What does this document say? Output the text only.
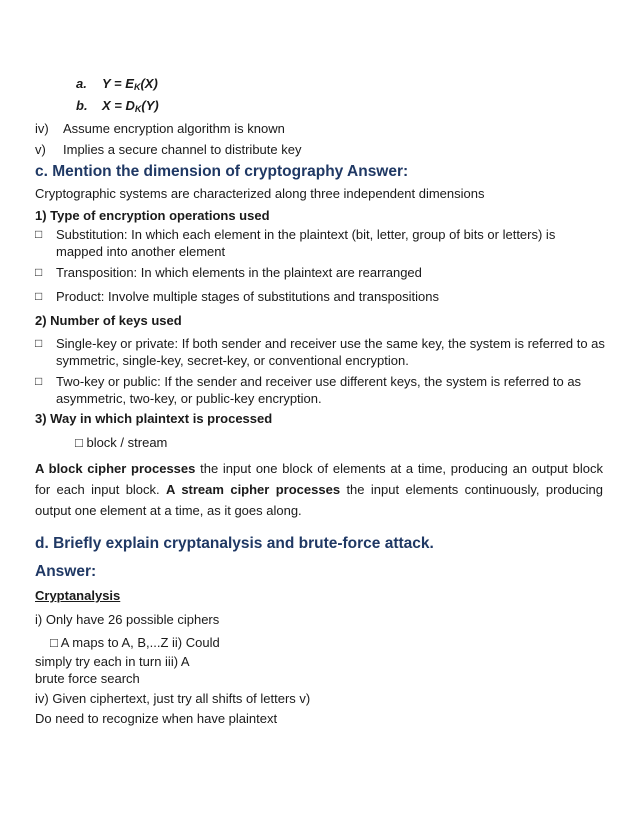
a. $Y = E_K(X)$
b. $X = D_K(Y)$
iv) Assume encryption algorithm is known
v) Implies a secure channel to distribute key
c. Mention the dimension of cryptography Answer:
Cryptographic systems are characterized along three independent dimensions
1) Type of encryption operations used
□ Substitution: In which each element in the plaintext (bit, letter, group of bits or letters) is mapped into another element
□ Transposition: In which elements in the plaintext are rearranged
□ Product: Involve multiple stages of substitutions and transpositions
2) Number of keys used
□ Single-key or private: If both sender and receiver use the same key, the system is referred to as symmetric, single-key, secret-key, or conventional encryption.
□ Two-key or public: If the sender and receiver use different keys, the system is referred to as asymmetric, two-key, or public-key encryption.
3) Way in which plaintext is processed
□ block / stream
A block cipher processes the input one block of elements at a time, producing an output block for each input block. A stream cipher processes the input elements continuously, producing output one element at a time, as it goes along.
d. Briefly explain cryptanalysis and brute-force attack.
Answer:
Cryptanalysis
i) Only have 26 possible ciphers
□ A maps to A, B,...Z ii) Could
simply try each in turn iii) A
brute force search
iv) Given ciphertext, just try all shifts of letters v)
Do need to recognize when have plaintext
